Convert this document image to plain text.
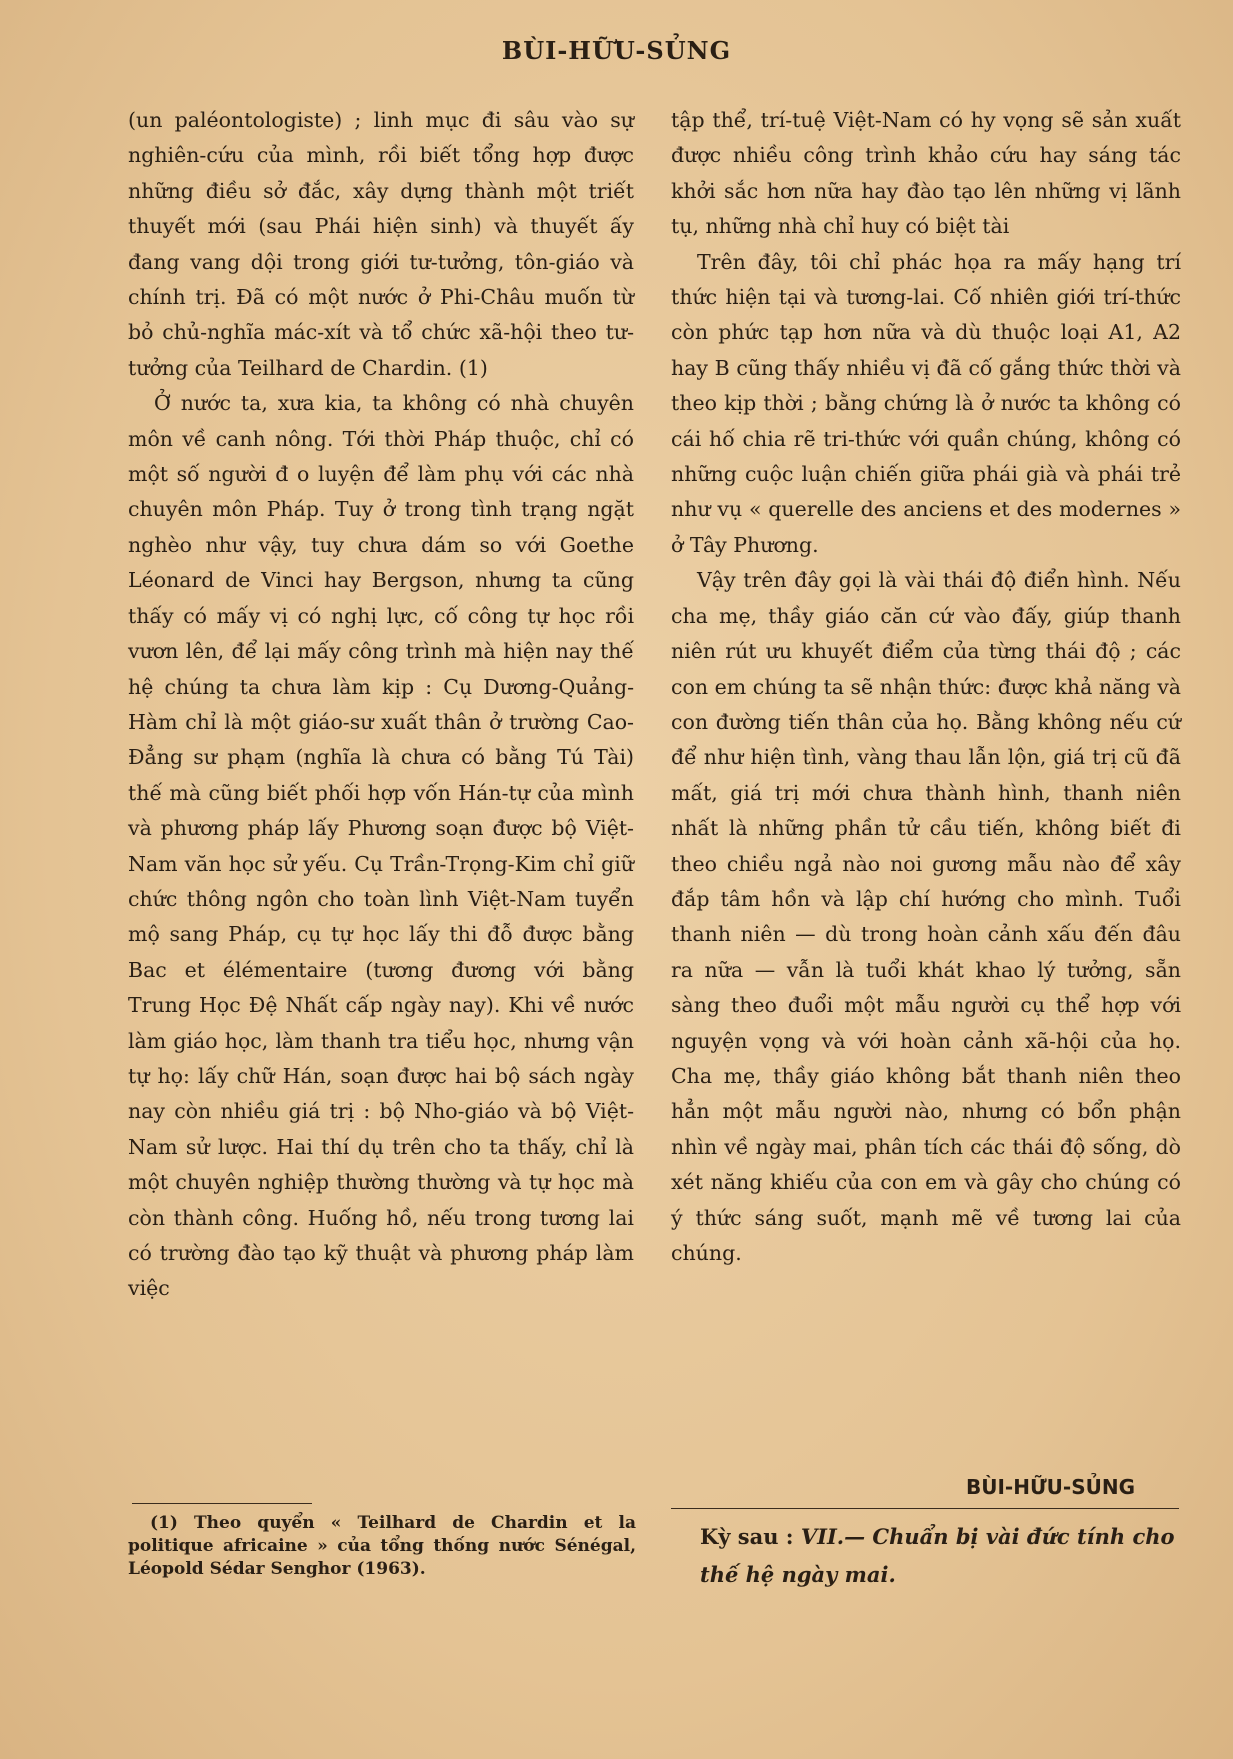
BÙI-HỮU-SỦNG

(un paléontologiste) ; linh mục đi sâu vào sự nghiên-cứu của mình, rồi biết tổng hợp được những điều sở đắc, xây dựng thành một triết thuyết mới (sau Phái hiện sinh) và thuyết ấy đang vang dội trong giới tư-tưởng, tôn-giáo và chính trị. Đã có một nước ở Phi-Châu muốn từ bỏ chủ-nghĩa mác-xít và tổ chức xã-hội theo tư-tưởng của Teilhard de Chardin. (1)

Ở nước ta, xưa kia, ta không có nhà chuyên môn về canh nông. Tới thời Pháp thuộc, chỉ có một số người đ o luyện để làm phụ với các nhà chuyên môn Pháp. Tuy ở trong tình trạng ngặt nghèo như vậy, tuy chưa dám so với Goethe Léonard de Vinci hay Bergson, nhưng ta cũng thấy có mấy vị có nghị lực, cố công tự học rồi vươn lên, để lại mấy công trình mà hiện nay thế hệ chúng ta chưa làm kịp : Cụ Dương-Quảng-Hàm chỉ là một giáo-sư xuất thân ở trường Cao-Đẳng sư phạm (nghĩa là chưa có bằng Tú Tài) thế mà cũng biết phối hợp vốn Hán-tự của mình và phương pháp lấy Phương soạn được bộ Việt-Nam văn học sử yếu. Cụ Trần-Trọng-Kim chỉ giữ chức thông ngôn cho toàn lình Việt-Nam tuyển mộ sang Pháp, cụ tự học lấy thi đỗ được bằng Bac et élémentaire (tương đương với bằng Trung Học Đệ Nhất cấp ngày nay). Khi về nước làm giáo học, làm thanh tra tiểu học, nhưng vận tự họ: lấy chữ Hán, soạn được hai bộ sách ngày nay còn nhiều giá trị : bộ Nho-giáo và bộ Việt-Nam sử lược. Hai thí dụ trên cho ta thấy, chỉ là một chuyên nghiệp thường thường và tự học mà còn thành công. Huống hồ, nếu trong tương lai có trường đào tạo kỹ thuật và phương pháp làm việc

tập thể, trí-tuệ Việt-Nam có hy vọng sẽ sản xuất được nhiều công trình khảo cứu hay sáng tác khởi sắc hơn nữa hay đào tạo lên những vị lãnh tụ, những nhà chỉ huy có biệt tài

Trên đây, tôi chỉ phác họa ra mấy hạng trí thức hiện tại và tương-lai. Cố nhiên giới trí-thức còn phức tạp hơn nữa và dù thuộc loại A1, A2 hay B cũng thấy nhiều vị đã cố gắng thức thời và theo kịp thời ; bằng chứng là ở nước ta không có cái hố chia rẽ tri-thức với quần chúng, không có những cuộc luận chiến giữa phái già và phái trẻ như vụ « querelle des anciens et des modernes » ở Tây Phương.

Vậy trên đây gọi là vài thái độ điển hình. Nếu cha mẹ, thầy giáo căn cứ vào đấy, giúp thanh niên rút ưu khuyết điểm của từng thái độ ; các con em chúng ta sẽ nhận thức: được khả năng và con đường tiến thân của họ. Bằng không nếu cứ để như hiện tình, vàng thau lẫn lộn, giá trị cũ đã mất, giá trị mới chưa thành hình, thanh niên nhất là những phần tử cầu tiến, không biết đi theo chiều ngả nào noi gương mẫu nào để xây đắp tâm hồn và lập chí hướng cho mình. Tuổi thanh niên — dù trong hoàn cảnh xấu đến đâu ra nữa — vẫn là tuổi khát khao lý tưởng, sẵn sàng theo đuổi một mẫu người cụ thể hợp với nguyện vọng và với hoàn cảnh xã-hội của họ. Cha mẹ, thầy giáo không bắt thanh niên theo hẳn một mẫu người nào, nhưng có bổn phận nhìn về ngày mai, phân tích các thái độ sống, dò xét năng khiếu của con em và gây cho chúng có ý thức sáng suốt, mạnh mẽ về tương lai của chúng.

BÙI-HỮU-SỦNG
(1) Theo quyển « Teilhard de Chardin et la politique africaine » của tổng thống nước Sénégal, Léopold Sédar Senghor (1963).
Kỳ sau : VII.— Chuẩn bị vài đức tính cho thế hệ ngày mai.
